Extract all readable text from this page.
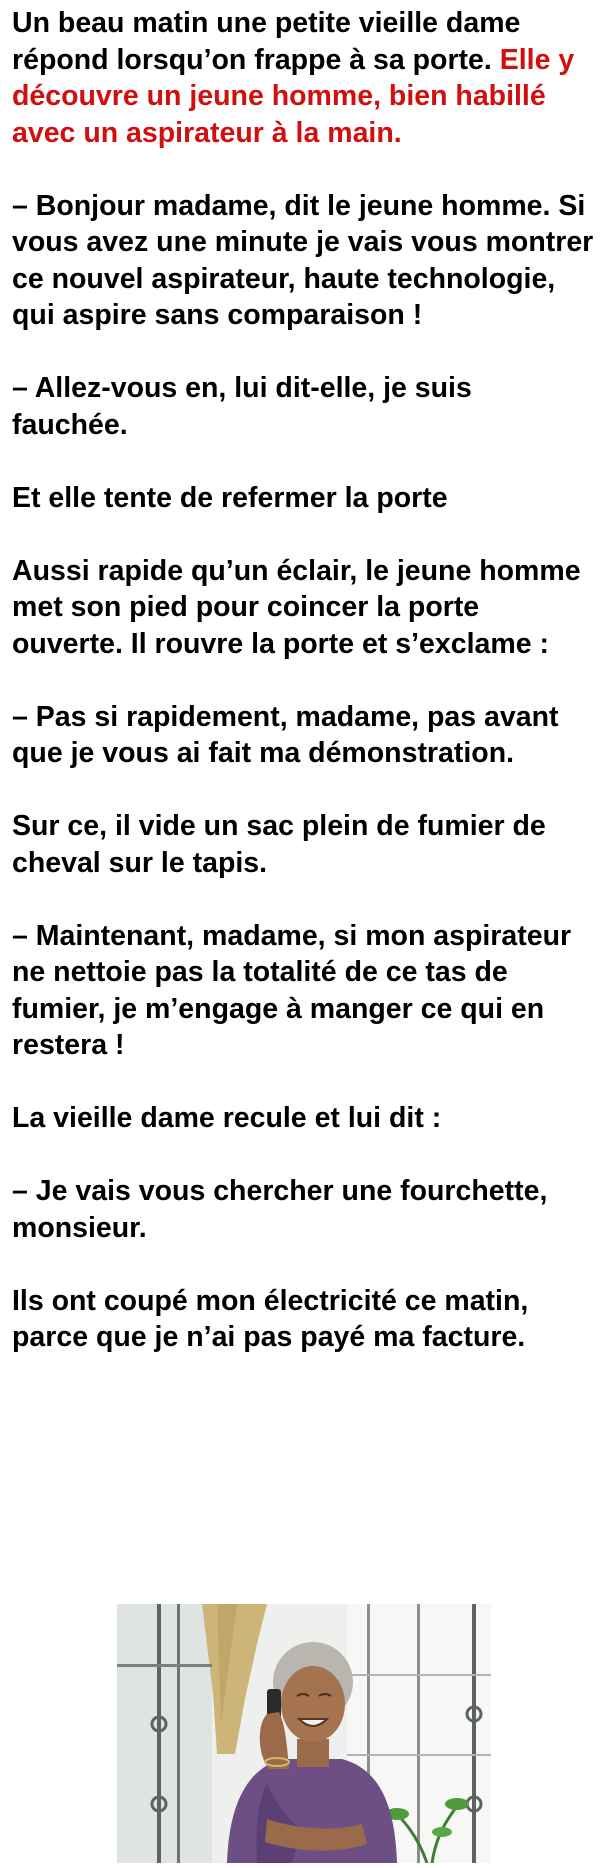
Un beau matin une petite vieille dame répond lorsqu’on frappe à sa porte. Elle y découvre un jeune homme, bien habillé avec un aspirateur à la main.

– Bonjour madame, dit le jeune homme. Si vous avez une minute je vais vous montrer ce nouvel aspirateur, haute technologie, qui aspire sans comparaison !

– Allez-vous en, lui dit-elle, je suis fauchée.

Et elle tente de refermer la porte

Aussi rapide qu’un éclair, le jeune homme met son pied pour coincer la porte ouverte. Il rouvre la porte et s’exclame :

– Pas si rapidement, madame, pas avant que je vous ai fait ma démonstration.

Sur ce, il vide un sac plein de fumier de cheval sur le tapis.

– Maintenant, madame, si mon aspirateur ne nettoie pas la totalité de ce tas de fumier, je m’engage à manger ce qui en restera !

La vieille dame recule et lui dit :

– Je vais vous chercher une fourchette, monsieur.

Ils ont coupé mon électricité ce matin, parce que je n’ai pas payé ma facture.
